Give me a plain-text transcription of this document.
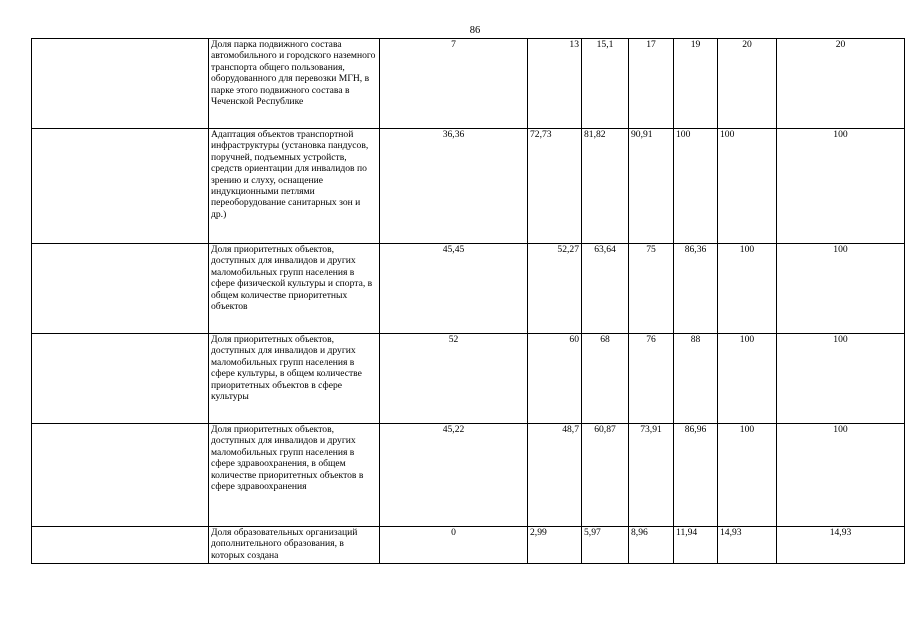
86
	Доля парка подвижного состава автомобильного и городского наземного транспорта общего пользования, оборудованного для перевозки МГН, в парке этого подвижного состава в Чеченской Республике	7	13	15,1	17	19	20	20
	Адаптация объектов транспортной инфраструктуры (установка пандусов, поручней, подъемных устройств, средств ориентации для инвалидов по зрению и слуху, оснащение индукционными петлями переоборудование санитарных зон и др.)	36,36	72,73	81,82	90,91	100	100	100
	Доля приоритетных объектов, доступных для инвалидов и других маломобильных групп населения в сфере физической культуры и спорта, в общем количестве приоритетных объектов	45,45	52,27	63,64	75	86,36	100	100
	Доля приоритетных объектов, доступных для инвалидов и других маломобильных групп населения в сфере культуры, в общем количестве приоритетных объектов в сфере культуры	52	60	68	76	88	100	100
	Доля приоритетных объектов, доступных для инвалидов и других маломобильных групп населения в сфере здравоохранения, в общем количестве приоритетных объектов в сфере здравоохранения	45,22	48,7	60,87	73,91	86,96	100	100
	Доля образовательных организаций дополнительного образования, в которых создана	0	2,99	5,97	8,96	11,94	14,93	14,93
